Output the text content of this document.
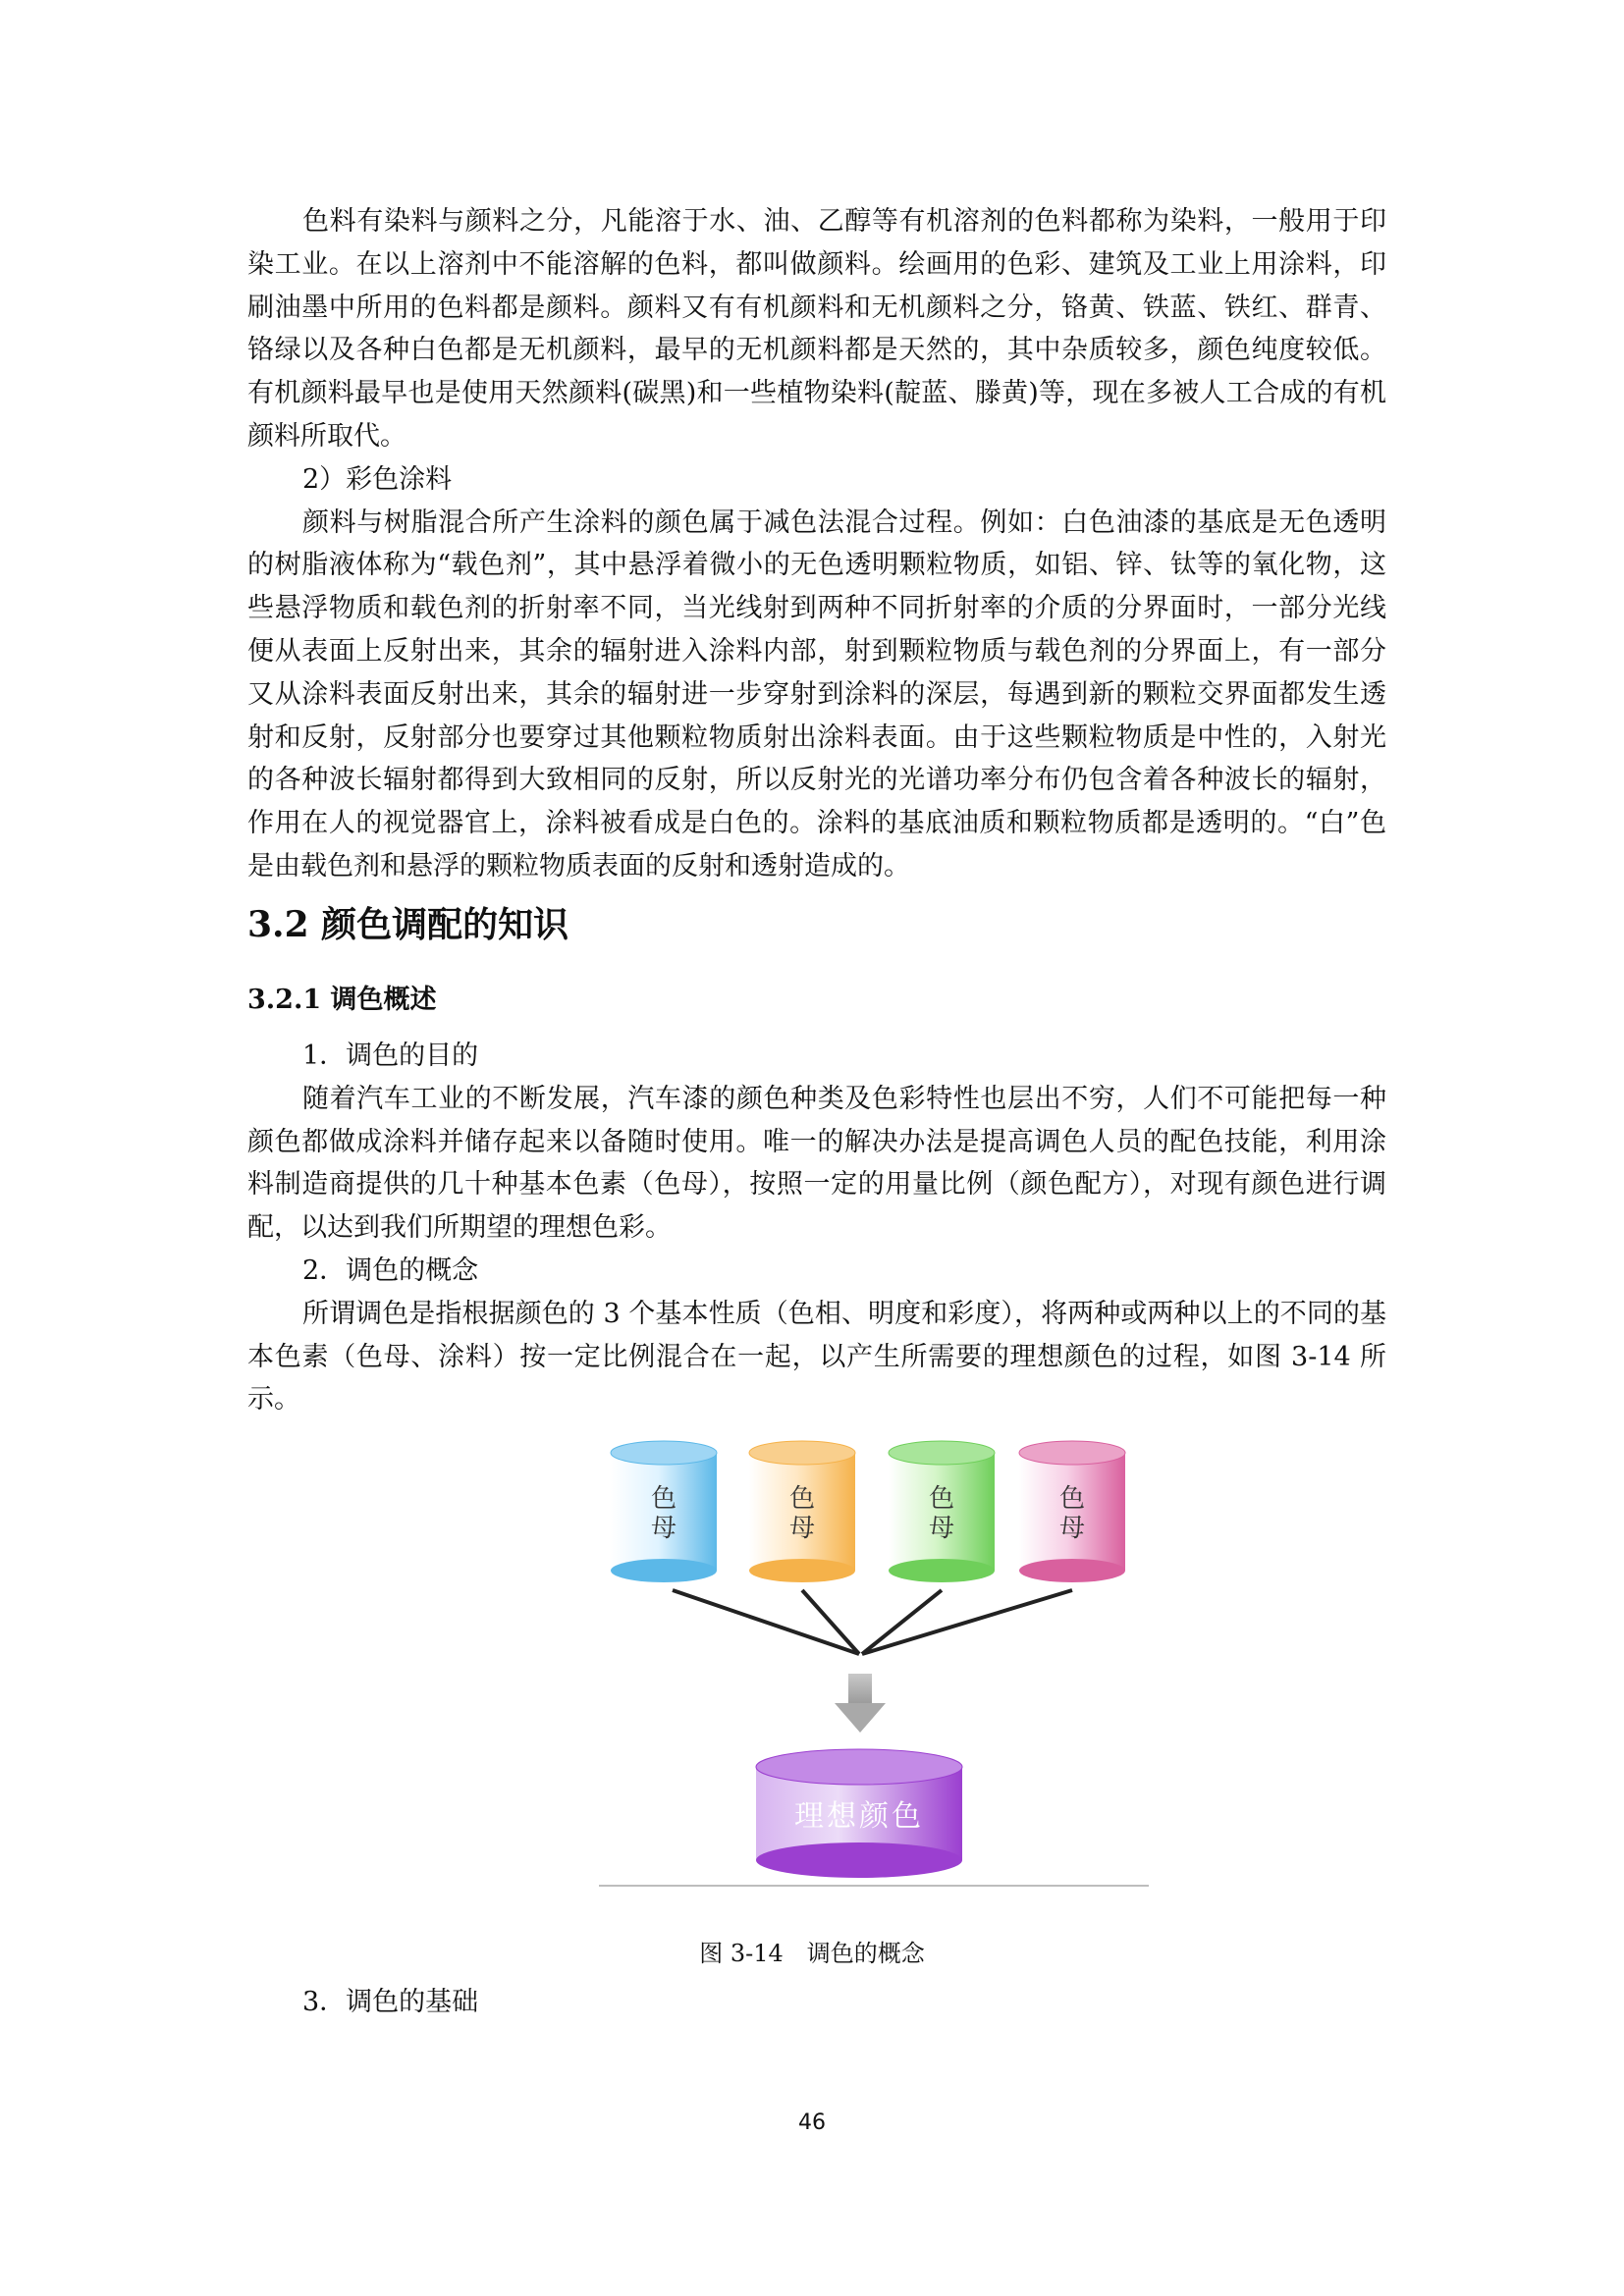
色料有染料与颜料之分，凡能溶于水、油、乙醇等有机溶剂的色料都称为染料，一般用于印染工业。在以上溶剂中不能溶解的色料，都叫做颜料。绘画用的色彩、建筑及工业上用涂料，印刷油墨中所用的色料都是颜料。颜料又有有机颜料和无机颜料之分，铬黄、铁蓝、铁红、群青、铬绿以及各种白色都是无机颜料，最早的无机颜料都是天然的，其中杂质较多，颜色纯度较低。有机颜料最早也是使用天然颜料(碳黑)和一些植物染料(靛蓝、滕黄)等，现在多被人工合成的有机颜料所取代。

2）彩色涂料

颜料与树脂混合所产生涂料的颜色属于减色法混合过程。例如：白色油漆的基底是无色透明的树脂液体称为“载色剂”，其中悬浮着微小的无色透明颗粒物质，如铝、锌、钛等的氧化物，这些悬浮物质和载色剂的折射率不同，当光线射到两种不同折射率的介质的分界面时，一部分光线便从表面上反射出来，其余的辐射进入涂料内部，射到颗粒物质与载色剂的分界面上，有一部分又从涂料表面反射出来，其余的辐射进一步穿射到涂料的深层，每遇到新的颗粒交界面都发生透射和反射，反射部分也要穿过其他颗粒物质射出涂料表面。由于这些颗粒物质是中性的，入射光的各种波长辐射都得到大致相同的反射，所以反射光的光谱功率分布仍包含着各种波长的辐射，作用在人的视觉器官上，涂料被看成是白色的。涂料的基底油质和颗粒物质都是透明的。“白”色是由载色剂和悬浮的颗粒物质表面的反射和透射造成的。

3.2 颜色调配的知识
3.2.1 调色概述

1．调色的目的

随着汽车工业的不断发展，汽车漆的颜色种类及色彩特性也层出不穷，人们不可能把每一种颜色都做成涂料并储存起来以备随时使用。唯一的解决办法是提高调色人员的配色技能，利用涂料制造商提供的几十种基本色素（色母），按照一定的用量比例（颜色配方），对现有颜色进行调配，以达到我们所期望的理想色彩。

2．调色的概念

所谓调色是指根据颜色的 3 个基本性质（色相、明度和彩度），将两种或两种以上的不同的基本色素（色母、涂料）按一定比例混合在一起，以产生所需要的理想颜色的过程，如图 3-14 所示。

色
母
色
母
色
母
色
母
理想颜色

图 3-14　调色的概念

3．调色的基础

46
